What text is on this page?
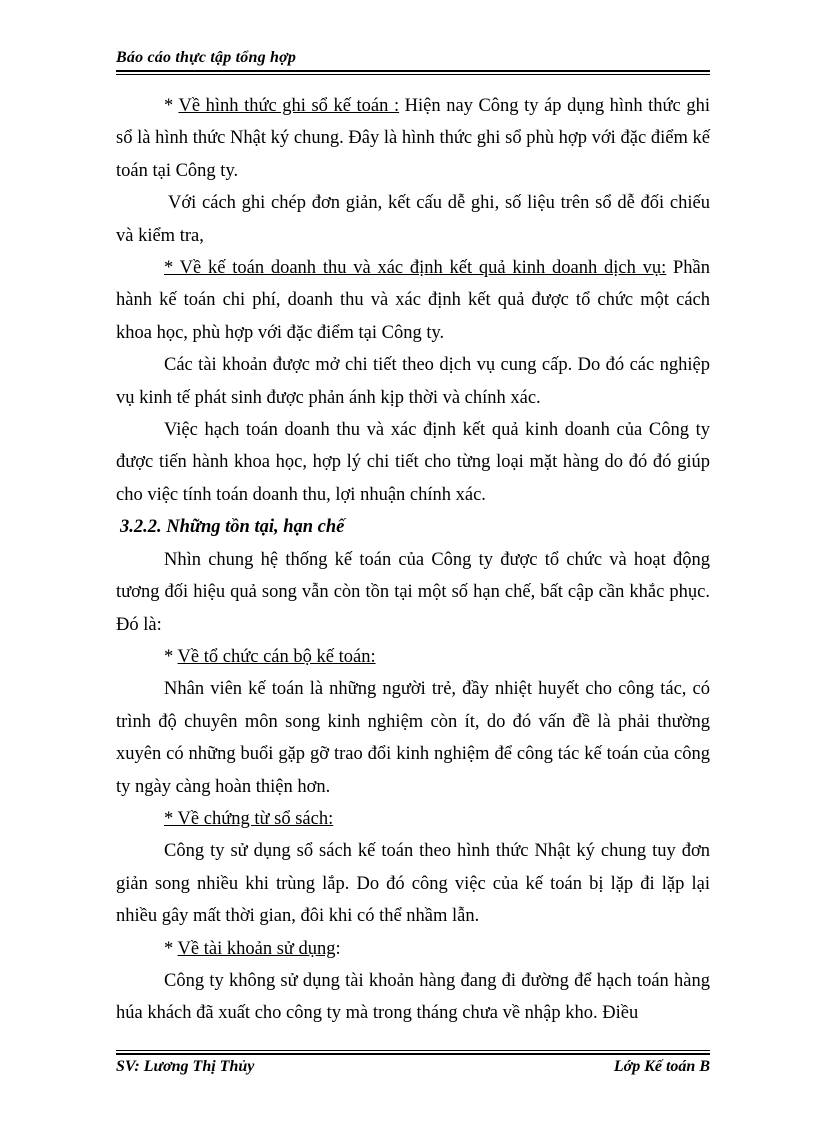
Báo cáo thực tập tổng hợp

* Về hình thức ghi sổ kế toán : Hiện nay Công ty áp dụng hình thức ghi sổ là hình thức Nhật ký chung. Đây là hình thức ghi sổ phù hợp với đặc điểm kế toán tại Công ty.

Với cách ghi chép đơn giản, kết cấu dễ ghi, số liệu trên sổ dễ đối chiếu và kiểm tra,

* Về kế toán doanh thu và xác định kết quả kinh doanh dịch vụ: Phần hành kế toán chi phí, doanh thu và xác định kết quả được tổ chức một cách khoa học, phù hợp với đặc điểm tại Công ty.

Các tài khoản được mở chi tiết theo dịch vụ cung cấp. Do đó các nghiệp vụ kinh tế phát sinh được phản ánh kịp thời và chính xác.

Việc hạch toán doanh thu và xác định kết quả kinh doanh của Công ty được tiến hành khoa học, hợp lý chi tiết cho từng loại mặt hàng do đó đó giúp cho việc tính toán doanh thu, lợi nhuận chính xác.

3.2.2. Những tồn tại, hạn chế

Nhìn chung hệ thống kế toán của Công ty được tổ chức và hoạt động tương đối hiệu quả song vẫn còn tồn tại một số hạn chế, bất cập cần khắc phục. Đó là:

* Về tổ chức cán bộ kế toán:

Nhân viên kế toán là những người trẻ, đầy nhiệt huyết cho công tác, có trình độ chuyên môn song kinh nghiệm còn ít, do đó vấn đề là phải thường xuyên có những buổi gặp gỡ trao đổi kinh nghiệm để công tác kế toán của công ty ngày càng hoàn thiện hơn.

* Về chứng từ sổ sách:

Công ty sử dụng sổ sách kế toán theo hình thức Nhật ký chung tuy đơn giản song nhiều khi trùng lắp. Do đó công việc của kế toán bị lặp đi lặp lại nhiều gây mất thời gian, đôi khi có thể nhầm lẫn.

* Về tài khoản sử dụng:

Công ty không sử dụng tài khoản hàng đang đi đường để hạch toán hàng húa khách đã xuất cho công ty mà trong tháng chưa về nhập kho. Điều

SV: Lương Thị Thủy	Lớp Kế toán B
